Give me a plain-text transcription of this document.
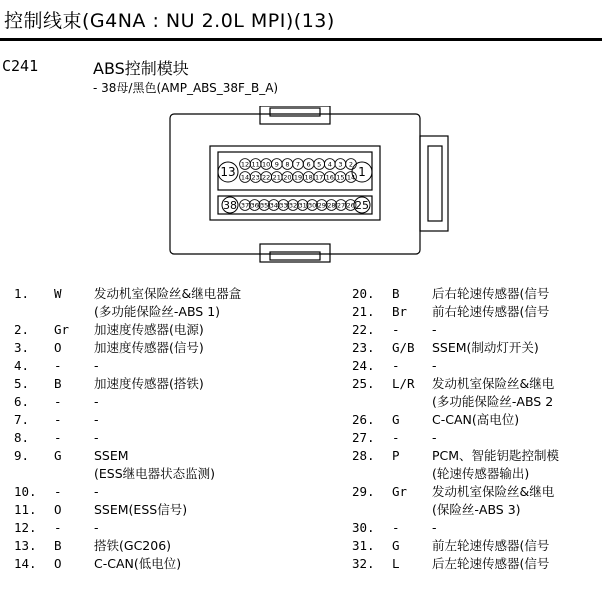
控制线束(G4NA : NU 2.0L MPI)(13)
C241	ABS控制模块
- 38母/黑色(AMP_ABS_38F_B_A)
13	1
38	25
12 11 10 9 8 7 6 5 4 3 2
14 23 22 21 20 19 18 17 16 15 14
37 36 35 34 33 32 31 30 29 28 27 26
1.	W	发动机室保险丝&继电器盒
(多功能保险丝-ABS 1)
2.	Gr 加速度传感器(电源)
3.	O	加速度传感器(信号)
4.	-	-
5.	B	加速度传感器(搭铁)
6.	-	-
7.	-	-
8.	-	-
9.	G	SSEM
(ESS继电器状态监测)
10.	-	-
11.	O	SSEM(ESS信号)
12.	-	-
13.	B	搭铁(GC206)
14.	O	C-CAN(低电位)
20.	B	后右轮速传感器(信号
21.	Br 前右轮速传感器(信号
22.	-	-
23.	G/B SSEM(制动灯开关)
24.	-	-
25.	L/R 发动机室保险丝&继电
(多功能保险丝-ABS 2
26.	G	C-CAN(高电位)
27.	-	-
28.	P	PCM、智能钥匙控制模
(轮速传感器输出)
29.	Gr 发动机室保险丝&继电
(保险丝-ABS 3)
30.	-	-
31.	G	前左轮速传感器(信号
32.	L	后左轮速传感器(信号
